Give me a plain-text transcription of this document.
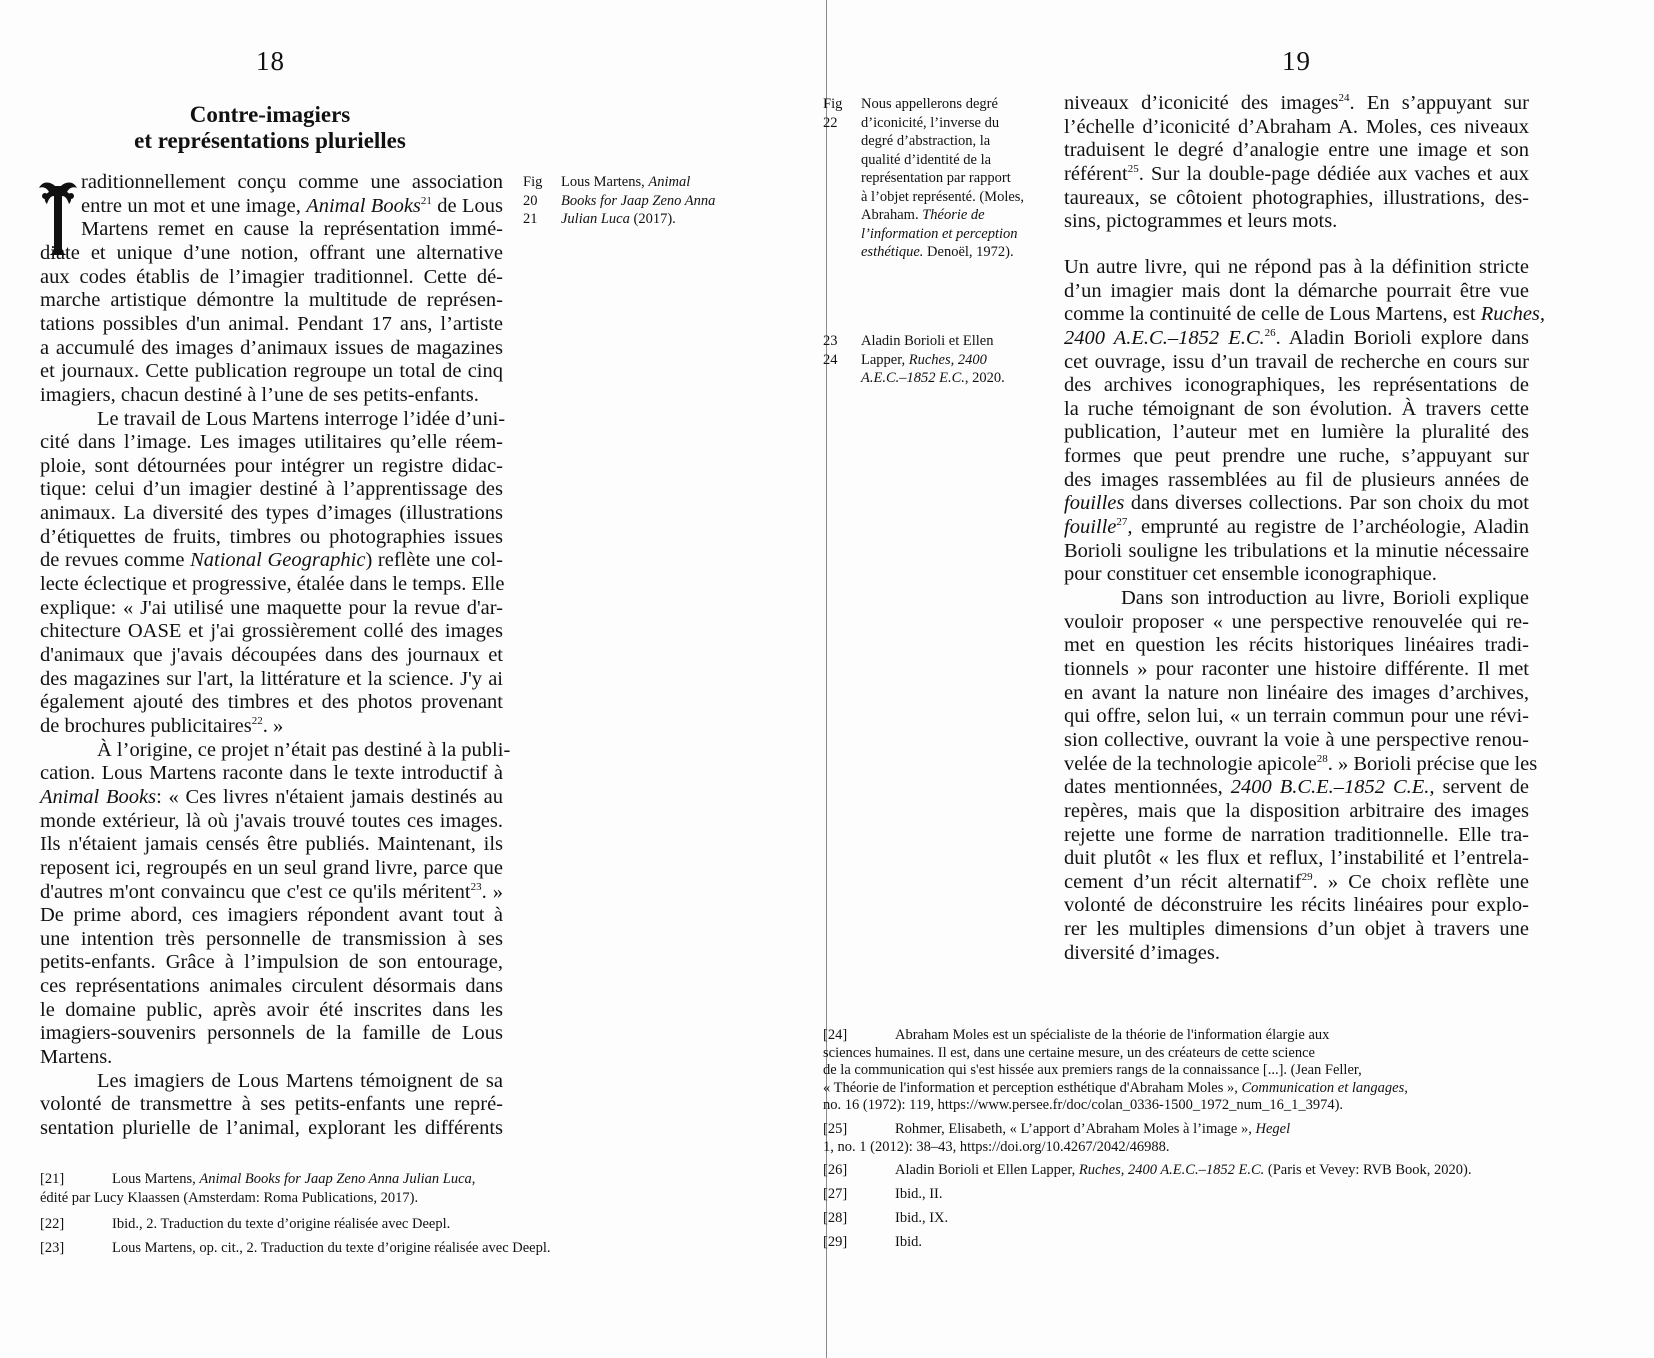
18
Contre-imagiers
et représentations plurielles
raditionnellement conçu comme une association
entre un mot et une image, Animal Books$^{21}$ de Lous
Martens remet en cause la représentation immé-
diate et unique d’une notion, offrant une alternative
aux codes établis de l’imagier traditionnel. Cette dé-
marche artistique démontre la multitude de représen-
tations possibles d'un animal. Pendant 17 ans, l’artiste
a accumulé des images d’animaux issues de magazines
et journaux. Cette publication regroupe un total de cinq
imagiers, chacun destiné à l’une de ses petits-enfants.
Le travail de Lous Martens interroge l’idée d’uni-
cité dans l’image. Les images utilitaires qu’elle réem-
ploie, sont détournées pour intégrer un registre didac-
tique: celui d’un imagier destiné à l’apprentissage des
animaux. La diversité des types d’images (illustrations
d’étiquettes de fruits, timbres ou photographies issues
de revues comme National Geographic) reflète une col-
lecte éclectique et progressive, étalée dans le temps. Elle
explique: « J'ai utilisé une maquette pour la revue d'ar-
chitecture OASE et j'ai grossièrement collé des images
d'animaux que j'avais découpées dans des journaux et
des magazines sur l'art, la littérature et la science. J'y ai
également ajouté des timbres et des photos provenant
de brochures publicitaires$^{22}$. »
À l’origine, ce projet n’était pas destiné à la publi-
cation. Lous Martens raconte dans le texte introductif à
Animal Books: « Ces livres n'étaient jamais destinés au
monde extérieur, là où j'avais trouvé toutes ces images.
Ils n'étaient jamais censés être publiés. Maintenant, ils
reposent ici, regroupés en un seul grand livre, parce que
d'autres m'ont convaincu que c'est ce qu'ils méritent$^{23}$. »
De prime abord, ces imagiers répondent avant tout à
une intention très personnelle de transmission à ses
petits-enfants. Grâce à l’impulsion de son entourage,
ces représentations animales circulent désormais dans
le domaine public, après avoir été inscrites dans les
imagiers-souvenirs personnels de la famille de Lous
Martens.
Les imagiers de Lous Martens témoignent de sa
volonté de transmettre à ses petits-enfants une repré-
sentation plurielle de l’animal, explorant les différents
Fig	Lous Martens, Animal
20	Books for Jaap Zeno Anna
21	Julian Luca (2017).
[21]	Lous Martens, Animal Books for Jaap Zeno Anna Julian Luca,
édité par Lucy Klaassen (Amsterdam: Roma Publications, 2017).
[22]	Ibid., 2. Traduction du texte d’origine réalisée avec Deepl.
[23]	Lous Martens, op. cit., 2. Traduction du texte d’origine réalisée avec Deepl.
19
Fig	Nous appellerons degré
22	d’iconicité, l’inverse du
degré d’abstraction, la
qualité d’identité de la
représentation par rapport
à l’objet représenté. (Moles,
Abraham. Théorie de
l’information et perception
esthétique. Denoël, 1972).
23	Aladin Borioli et Ellen
24	Lapper, Ruches, 2400
A.E.C.–1852 E.C., 2020.
niveaux d’iconicité des images$^{24}$. En s’appuyant sur
l’échelle d’iconicité d’Abraham A. Moles, ces niveaux
traduisent le degré d’analogie entre une image et son
référent$^{25}$. Sur la double-page dédiée aux vaches et aux
taureaux, se côtoient photographies, illustrations, des-
sins, pictogrammes et leurs mots.
Un autre livre, qui ne répond pas à la définition stricte
d’un imagier mais dont la démarche pourrait être vue
comme la continuité de celle de Lous Martens, est Ruches,
2400 A.E.C.–1852 E.C.$^{26}$. Aladin Borioli explore dans
cet ouvrage, issu d’un travail de recherche en cours sur
des archives iconographiques, les représentations de
la ruche témoignant de son évolution. À travers cette
publication, l’auteur met en lumière la pluralité des
formes que peut prendre une ruche, s’appuyant sur
des images rassemblées au fil de plusieurs années de
fouilles dans diverses collections. Par son choix du mot
fouille$^{27}$, emprunté au registre de l’archéologie, Aladin
Borioli souligne les tribulations et la minutie nécessaire
pour constituer cet ensemble iconographique.
Dans son introduction au livre, Borioli explique
vouloir proposer « une perspective renouvelée qui re-
met en question les récits historiques linéaires tradi-
tionnels » pour raconter une histoire différente. Il met
en avant la nature non linéaire des images d’archives,
qui offre, selon lui, « un terrain commun pour une révi-
sion collective, ouvrant la voie à une perspective renou-
velée de la technologie apicole$^{28}$. » Borioli précise que les
dates mentionnées, 2400 B.C.E.–1852 C.E., servent de
repères, mais que la disposition arbitraire des images
rejette une forme de narration traditionnelle. Elle tra-
duit plutôt « les flux et reflux, l’instabilité et l’entrela-
cement d’un récit alternatif$^{29}$. » Ce choix reflète une
volonté de déconstruire les récits linéaires pour explo-
rer les multiples dimensions d’un objet à travers une
diversité d’images.
[24]	Abraham Moles est un spécialiste de la théorie de l'information élargie aux
sciences humaines. Il est, dans une certaine mesure, un des créateurs de cette science
de la communication qui s'est hissée aux premiers rangs de la connaissance [...]. (Jean Feller,
« Théorie de l'information et perception esthétique d'Abraham Moles », Communication et langages,
no. 16 (1972): 119, https://www.persee.fr/doc/colan_0336-1500_1972_num_16_1_3974).
[25]	Rohmer, Elisabeth, « L’apport d’Abraham Moles à l’image », Hegel
1, no. 1 (2012): 38–43, https://doi.org/10.4267/2042/46988.
[26]	Aladin Borioli et Ellen Lapper, Ruches, 2400 A.E.C.–1852 E.C. (Paris et Vevey: RVB Book, 2020).
[27]	Ibid., II.
[28]	Ibid., IX.
[29]	Ibid.
